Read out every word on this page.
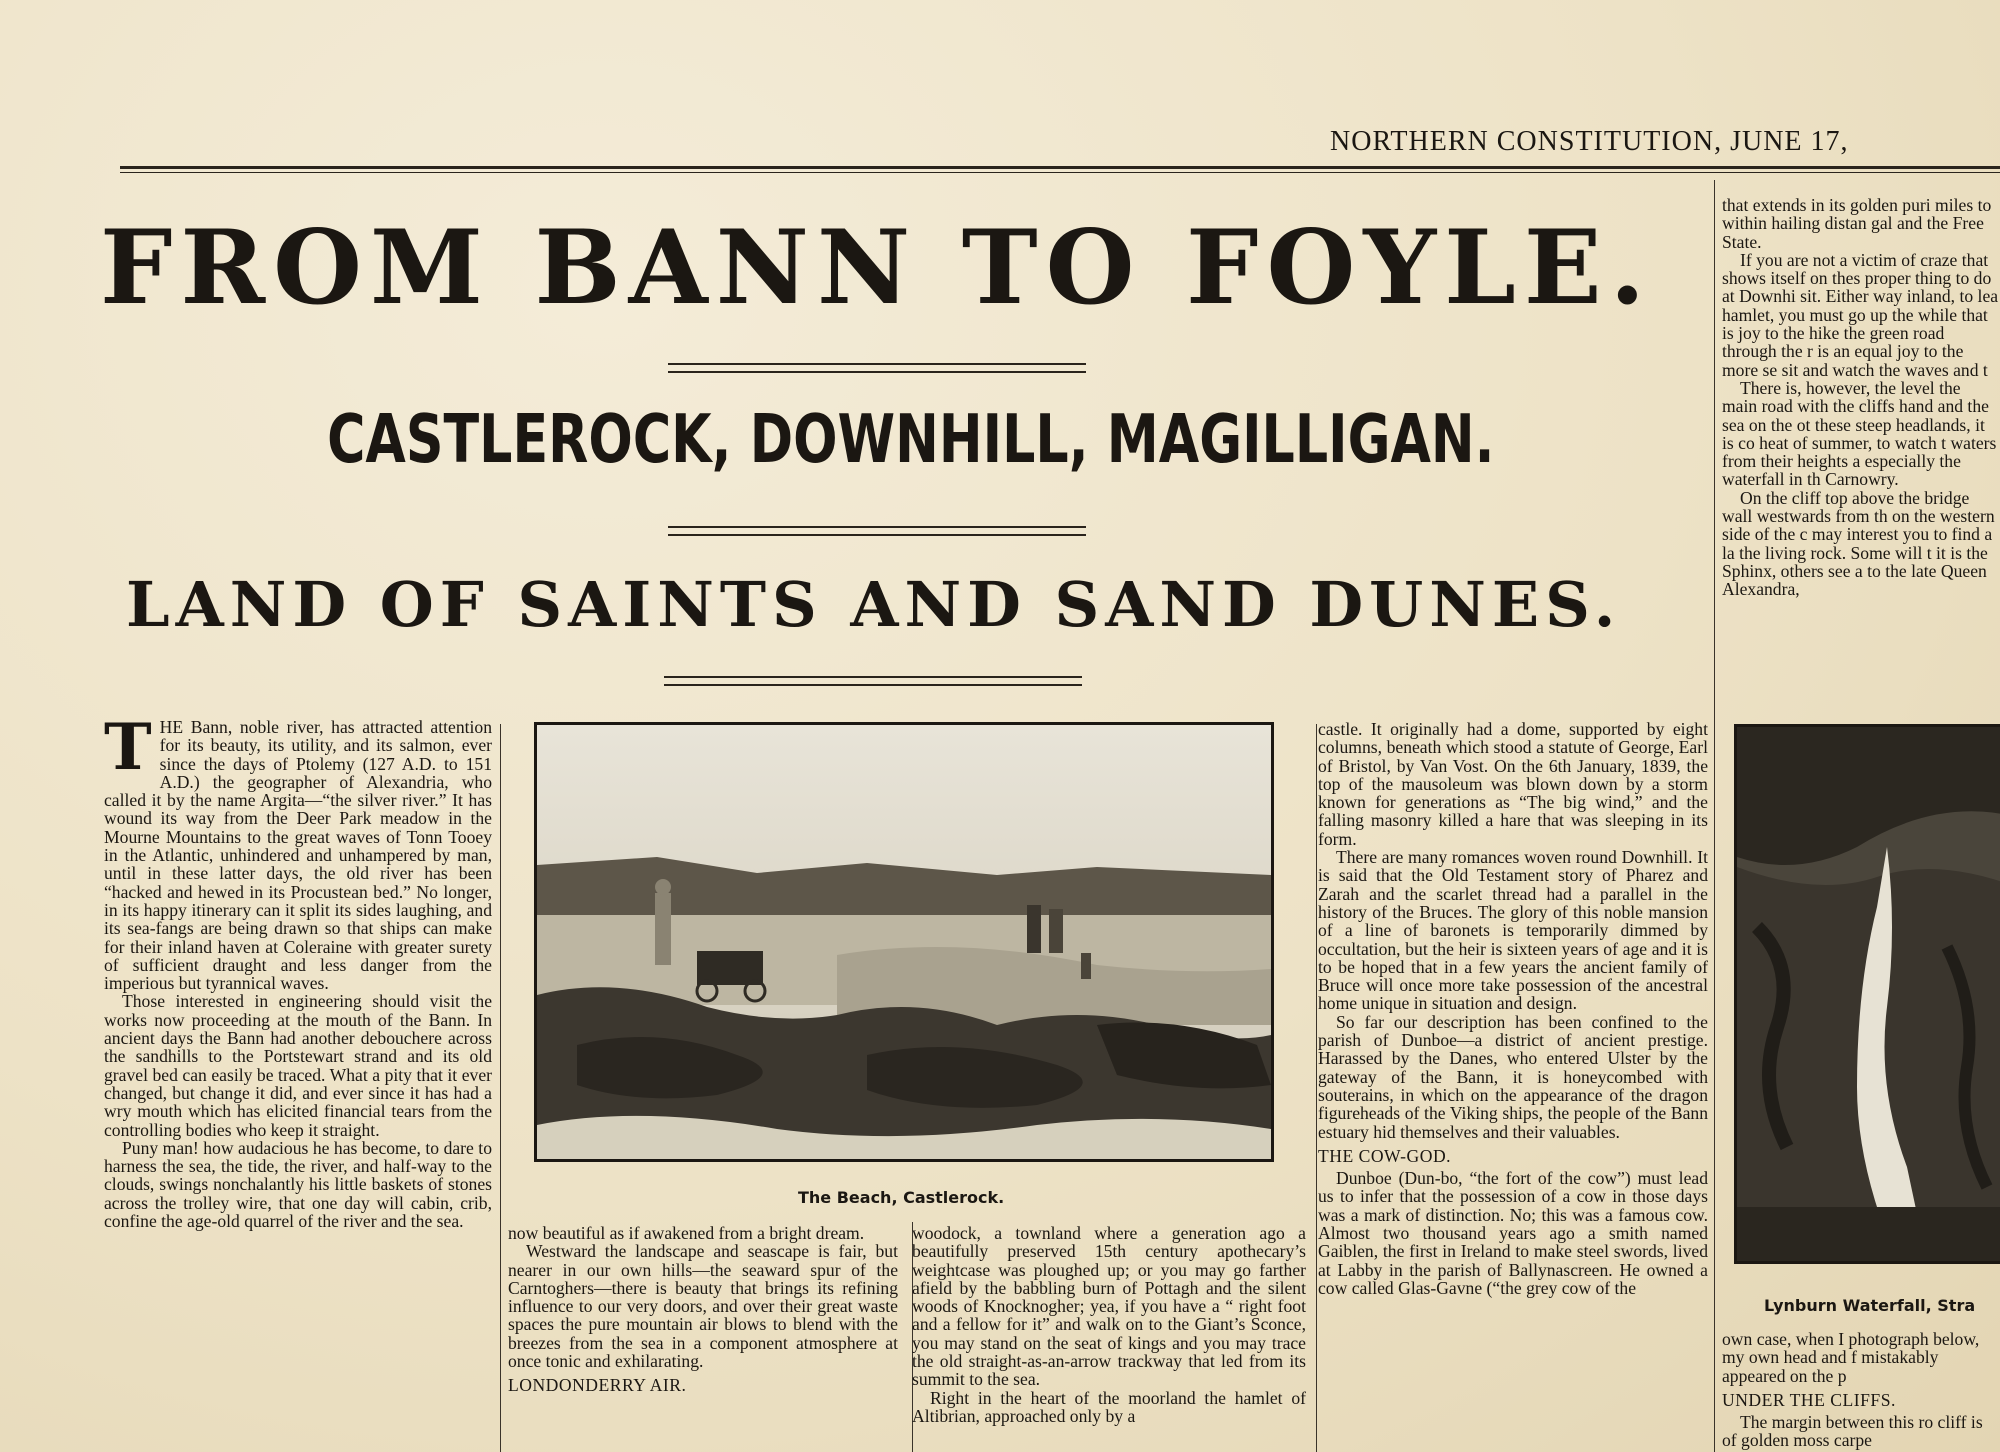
NORTHERN CONSTITUTION, JUNE 17,
FROM BANN TO FOYLE.
CASTLEROCK, DOWNHILL, MAGILLIGAN.
LAND OF SAINTS AND SAND DUNES.
T HE Bann, noble river, has attracted attention for its beauty, its utility, and its salmon, ever since the days of Ptolemy (127 A.D. to 151 A.D.) the geographer of Alexandria, who called it by the name Argita—“the silver river.” It has wound its way from the Deer Park meadow in the Mourne Mountains to the great waves of Tonn Tooey in the Atlantic, unhindered and unhampered by man, until in these latter days, the old river has been “hacked and hewed in its Procustean bed.” No longer, in its happy itinerary can it split its sides laughing, and its sea-fangs are being drawn so that ships can make for their inland haven at Coleraine with greater surety of sufficient draught and less danger from the imperious but tyrannical waves.

Those interested in engineering should visit the works now proceeding at the mouth of the Bann. In ancient days the Bann had another debouchere across the sandhills to the Portstewart strand and its old gravel bed can easily be traced. What a pity that it ever changed, but change it did, and ever since it has had a wry mouth which has elicited financial tears from the controlling bodies who keep it straight.

Puny man! how audacious he has become, to dare to harness the sea, the tide, the river, and half-way to the clouds, swings nonchalantly his little baskets of stones across the trolley wire, that one day will cabin, crib, confine the age-old quarrel of the river and the sea.

The Beach, Castlerock.

now beautiful as if awakened from a bright dream.

Westward the landscape and seascape is fair, but nearer in our own hills—the seaward spur of the Carntoghers—there is beauty that brings its refining influence to our very doors, and over their great waste spaces the pure mountain air blows to blend with the breezes from the sea in a component atmosphere at once tonic and exhilarating.

LONDONDERRY AIR.

woodock, a townland where a generation ago a beautifully preserved 15th century apothecary’s weightcase was ploughed up; or you may go farther afield by the babbling burn of Pottagh and the silent woods of Knocknogher; yea, if you have a “ right foot and a fellow for it” and walk on to the Giant’s Sconce, you may stand on the seat of kings and you may trace the old straight-as-an-arrow trackway that led from its summit to the sea.

Right in the heart of the moorland the hamlet of Altibrian, approached only by a

castle. It originally had a dome, supported by eight columns, beneath which stood a statute of George, Earl of Bristol, by Van Vost. On the 6th January, 1839, the top of the mausoleum was blown down by a storm known for generations as “The big wind,” and the falling masonry killed a hare that was sleeping in its form.

There are many romances woven round Downhill. It is said that the Old Testament story of Pharez and Zarah and the scarlet thread had a parallel in the history of the Bruces. The glory of this noble mansion of a line of baronets is temporarily dimmed by occultation, but the heir is sixteen years of age and it is to be hoped that in a few years the ancient family of Bruce will once more take possession of the ancestral home unique in situation and design.

So far our description has been confined to the parish of Dunboe—a district of ancient prestige. Harassed by the Danes, who entered Ulster by the gateway of the Bann, it is honeycombed with souterains, in which on the appearance of the dragon figureheads of the Viking ships, the people of the Bann estuary hid themselves and their valuables.

THE COW-GOD.

Dunboe (Dun-bo, “the fort of the cow”) must lead us to infer that the possession of a cow in those days was a mark of distinction. No; this was a famous cow. Almost two thousand years ago a smith named Gaiblen, the first in Ireland to make steel swords, lived at Labby in the parish of Ballynascreen. He owned a cow called Glas-Gavne (“the grey cow of the

that extends in its golden puri miles to within hailing distan gal and the Free State.

If you are not a victim of craze that shows itself on thes proper thing to do at Downhi sit. Either way inland, to lea hamlet, you must go up the while that is joy to the hike the green road through the r is an equal joy to the more se sit and watch the waves and t

There is, however, the level the main road with the cliffs hand and the sea on the ot these steep headlands, it is co heat of summer, to watch t waters from their heights a especially the waterfall in th Carnowry.

On the cliff top above the bridge wall westwards from th on the western side of the c may interest you to find a la the living rock. Some will t it is the Sphinx, others see a to the late Queen Alexandra,

Lynburn Waterfall, Stra

own case, when I photograph below, my own head and f mistakably appeared on the p

UNDER THE CLIFFS.

The margin between this ro cliff is of golden moss carpe
